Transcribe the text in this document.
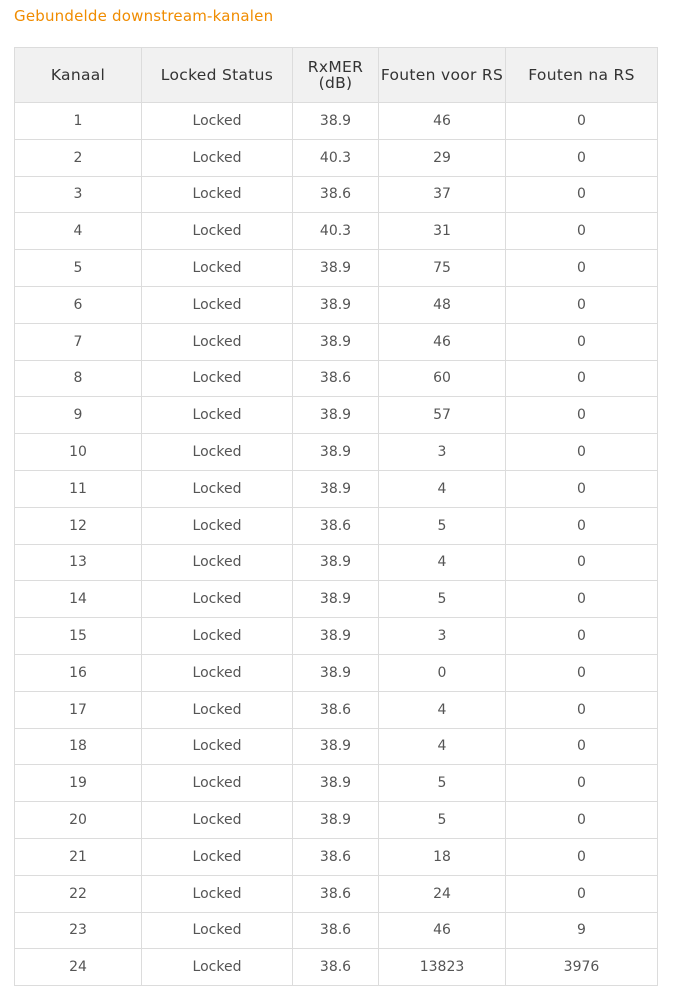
Gebundelde downstream-kanalen
Kanaal	Locked Status	RxMER (dB)	Fouten voor RS	Fouten na RS
1	Locked	38.9	46	0
2	Locked	40.3	29	0
3	Locked	38.6	37	0
4	Locked	40.3	31	0
5	Locked	38.9	75	0
6	Locked	38.9	48	0
7	Locked	38.9	46	0
8	Locked	38.6	60	0
9	Locked	38.9	57	0
10	Locked	38.9	3	0
11	Locked	38.9	4	0
12	Locked	38.6	5	0
13	Locked	38.9	4	0
14	Locked	38.9	5	0
15	Locked	38.9	3	0
16	Locked	38.9	0	0
17	Locked	38.6	4	0
18	Locked	38.9	4	0
19	Locked	38.9	5	0
20	Locked	38.9	5	0
21	Locked	38.6	18	0
22	Locked	38.6	24	0
23	Locked	38.6	46	9
24	Locked	38.6	13823	3976
